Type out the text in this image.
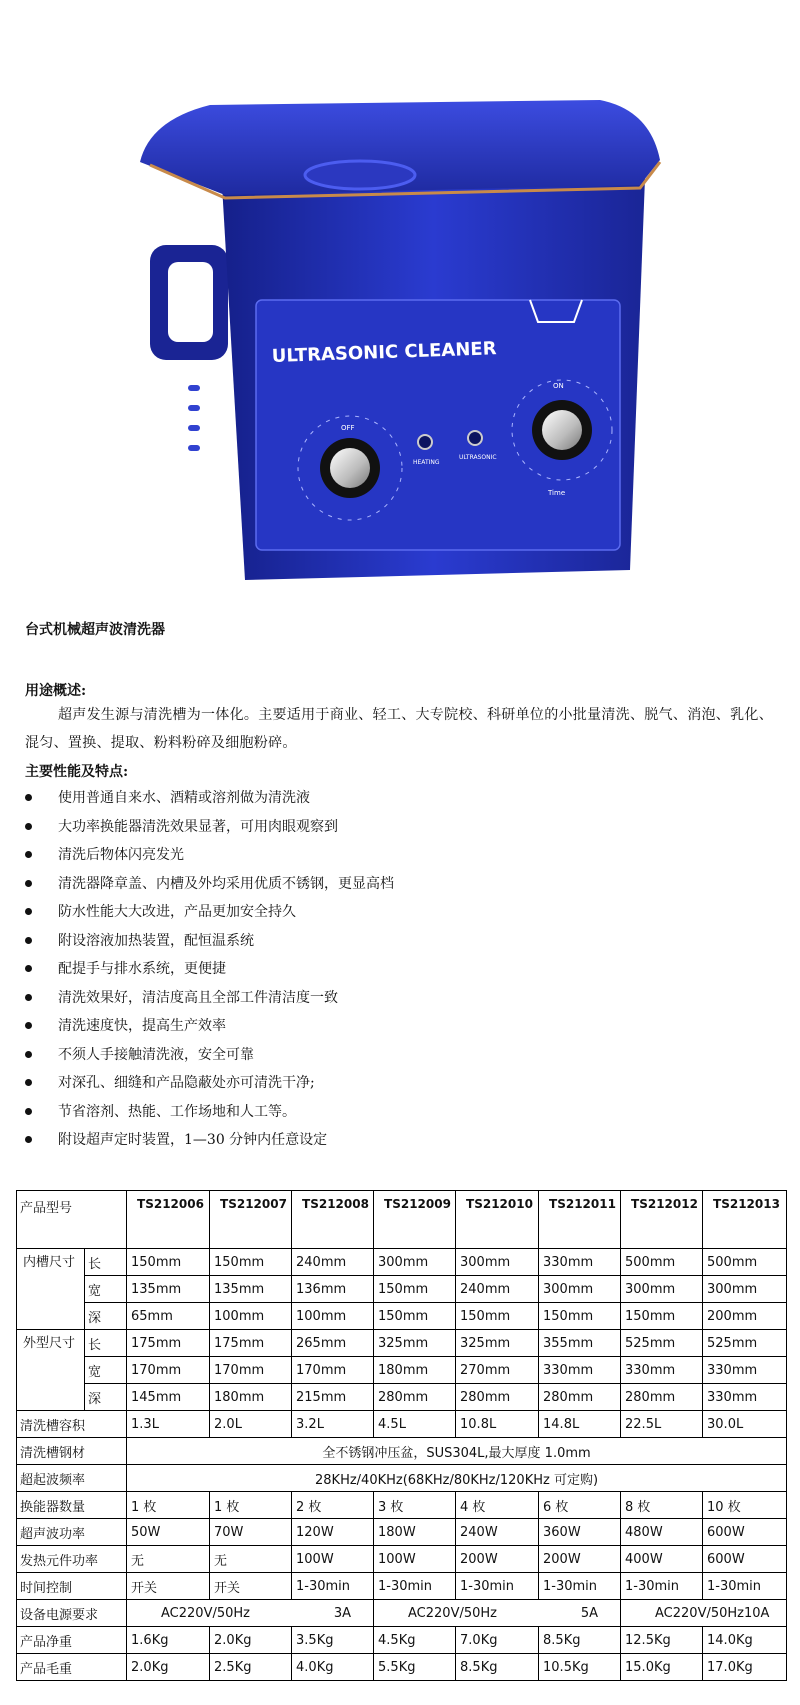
ULTRASONIC CLEANER
OFF
HEATING
ULTRASONIC
ON
Time
台式机械超声波清洗器
用途概述:
超声发生源与清洗槽为一体化。主要适用于商业、轻工、大专院校、科研单位的小批量清洗、脱气、消泡、乳化、混匀、置换、提取、粉料粉碎及细胞粉碎。
主要性能及特点:
使用普通自来水、酒精或溶剂做为清洗液
大功率换能器清洗效果显著，可用肉眼观察到
清洗后物体闪亮发光
清洗器降章盖、内槽及外均采用优质不锈钢，更显高档
防水性能大大改进，产品更加安全持久
附设溶液加热装置，配恒温系统
配提手与排水系统，更便捷
清洗效果好，清洁度高且全部工件清洁度一致
清洗速度快，提高生产效率
不须人手接触清洗液，安全可靠
对深孔、细缝和产品隐蔽处亦可清洗干净;
节省溶剂、热能、工作场地和人工等。
附设超声定时装置，1—30 分钟内任意设定
产品型号		TS212006	TS212007	TS212008	TS212009	TS212010	TS212011	TS212012	TS212013
内槽尺寸	长	150mm	150mm	240mm	300mm	300mm	330mm	500mm	500mm
	宽	135mm	135mm	136mm	150mm	240mm	300mm	300mm	300mm
	深	65mm	100mm	100mm	150mm	150mm	150mm	150mm	200mm
外型尺寸	长	175mm	175mm	265mm	325mm	325mm	355mm	525mm	525mm
	宽	170mm	170mm	170mm	180mm	270mm	330mm	330mm	330mm
	深	145mm	180mm	215mm	280mm	280mm	280mm	280mm	330mm
清洗槽容积		1.3L	2.0L	3.2L	4.5L	10.8L	14.8L	22.5L	30.0L
清洗槽钢材		全不锈钢冲压盆，SUS304L,最大厚度 1.0mm							
超起波频率		28KHz/40KHz(68KHz/80KHz/120KHz 可定购)							
换能器数量		1 枚	1 枚	2 枚	3 枚	4 枚	6 枚	8 枚	10 枚
超声波功率		50W	70W	120W	180W	240W	360W	480W	600W
发热元件功率		无	无	100W	100W	200W	200W	400W	600W
时间控制		开关	开关	1-30min	1-30min	1-30min	1-30min	1-30min	1-30min
设备电源要求		AC220V/50Hz 3A			AC220V/50Hz 5A			AC220V/50Hz 10A	

产品净重		1.6Kg	2.0Kg	3.5Kg	4.5Kg	7.0Kg	8.5Kg	12.5Kg	14.0Kg
产品毛重		2.0Kg	2.5Kg	4.0Kg	5.5Kg	8.5Kg	10.5Kg	15.0Kg	17.0Kg
